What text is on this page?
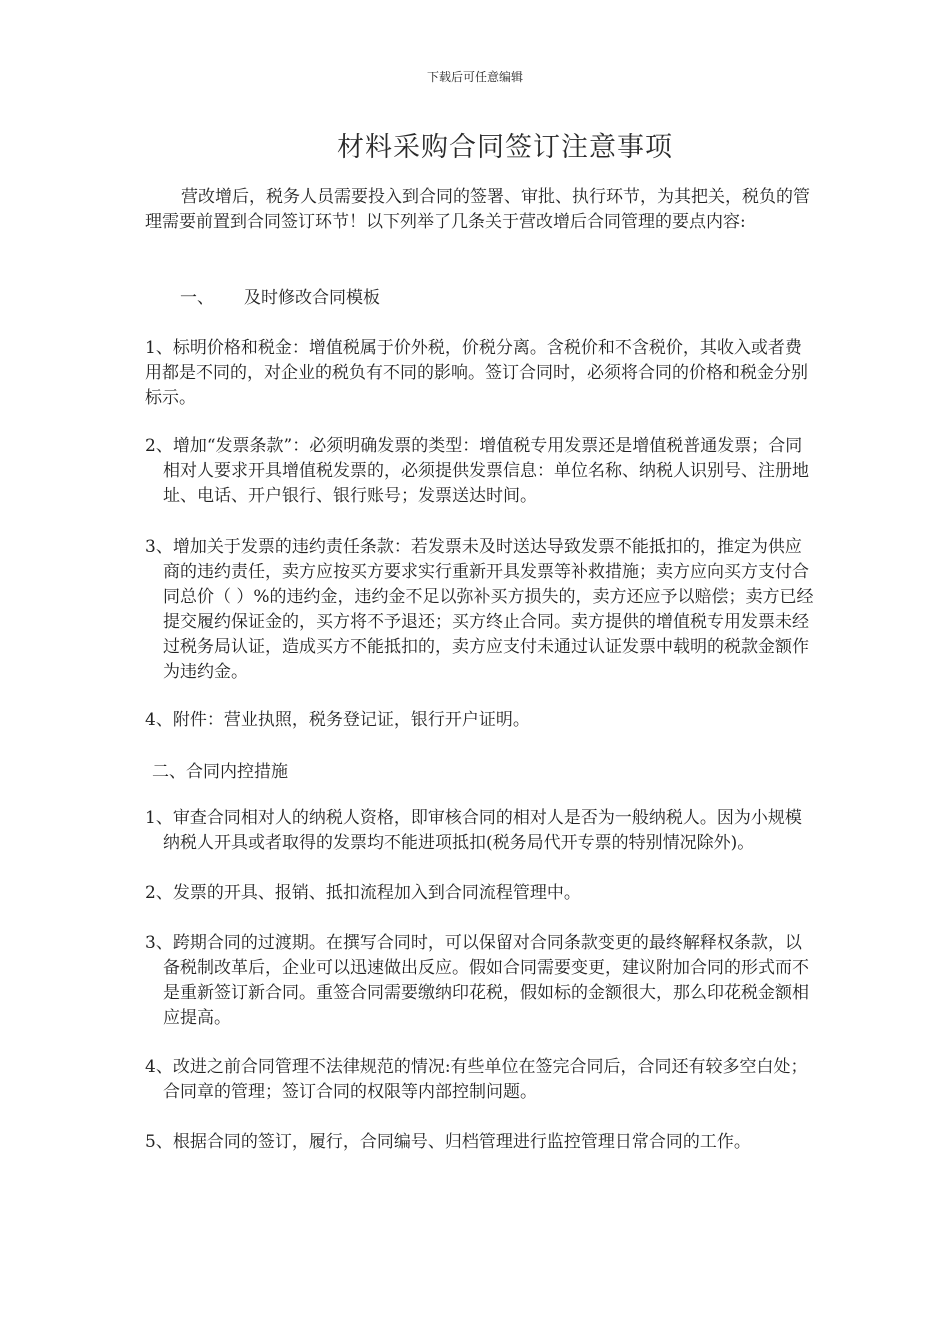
下载后可任意编辑
材料采购合同签订注意事项

营改增后，税务人员需要投入到合同的签署、审批、执行环节，为其把关，税负的管理需要前置到合同签订环节！以下列举了几条关于营改增后合同管理的要点内容:

一、 及时修改合同模板

1、标明价格和税金：增值税属于价外税，价税分离。含税价和不含税价，其收入或者费用都是不同的，对企业的税负有不同的影响。签订合同时，必须将合同的价格和税金分别标示。

2、增加“发票条款”：必须明确发票的类型：增值税专用发票还是增值税普通发票；合同相对人要求开具增值税发票的，必须提供发票信息：单位名称、纳税人识别号、注册地址、电话、开户银行、银行账号；发票送达时间。

3、增加关于发票的违约责任条款：若发票未及时送达导致发票不能抵扣的，推定为供应商的违约责任，卖方应按买方要求实行重新开具发票等补救措施；卖方应向买方支付合同总价（ ）%的违约金，违约金不足以弥补买方损失的，卖方还应予以赔偿；卖方已经提交履约保证金的，买方将不予退还；买方终止合同。卖方提供的增值税专用发票未经过税务局认证，造成买方不能抵扣的，卖方应支付未通过认证发票中载明的税款金额作为违约金。

4、附件：营业执照，税务登记证，银行开户证明。

二、合同内控措施

1、审查合同相对人的纳税人资格，即审核合同的相对人是否为一般纳税人。因为小规模纳税人开具或者取得的发票均不能进项抵扣(税务局代开专票的特别情况除外)。

2、发票的开具、报销、抵扣流程加入到合同流程管理中。

3、跨期合同的过渡期。在撰写合同时，可以保留对合同条款变更的最终解释权条款，以备税制改革后，企业可以迅速做出反应。假如合同需要变更，建议附加合同的形式而不是重新签订新合同。重签合同需要缴纳印花税，假如标的金额很大，那么印花税金额相应提高。

4、改进之前合同管理不法律规范的情况:有些单位在签完合同后，合同还有较多空白处；合同章的管理；签订合同的权限等内部控制问题。

5、根据合同的签订，履行，合同编号、归档管理进行监控管理日常合同的工作。
